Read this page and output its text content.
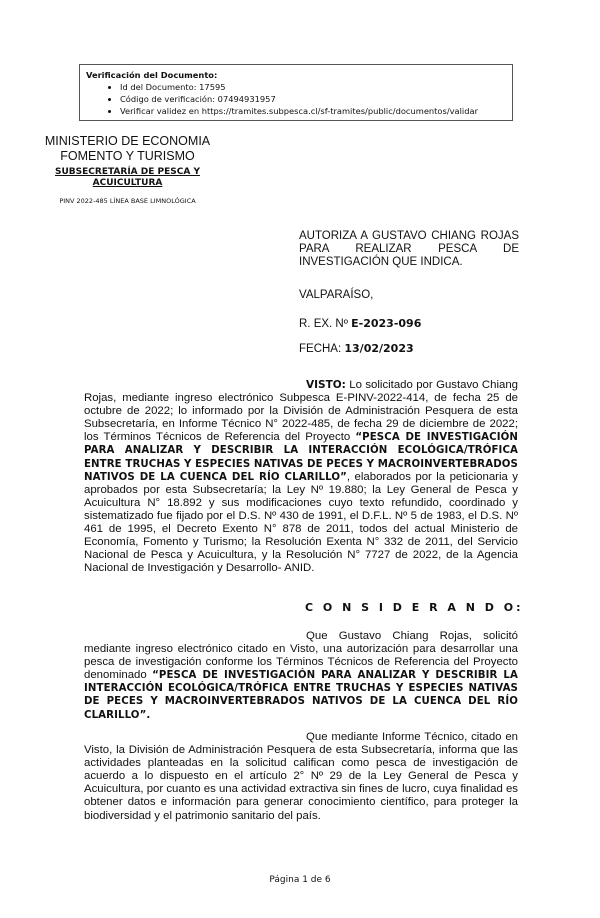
Verificación del Documento:
• Id del Documento: 17595
• Código de verificación: 07494931957
• Verificar validez en https://tramites.subpesca.cl/sf-tramites/public/documentos/validar
MINISTERIO DE ECONOMIA
FOMENTO Y TURISMO
SUBSECRETARÍA DE PESCA Y
ACUICULTURA
PINV 2022-485 LÍNEA BASE LIMNOLÓGICA
AUTORIZA A GUSTAVO CHIANG ROJAS
PARA REALIZAR PESCA DE
INVESTIGACIÓN QUE INDICA.
VALPARAÍSO,
R. EX. Nº E-2023-096
FECHA: 13/02/2023
VISTO: Lo solicitado por Gustavo Chiang Rojas, mediante ingreso electrónico Subpesca E-PINV-2022-414, de fecha 25 de octubre de 2022; lo informado por la División de Administración Pesquera de esta Subsecretaría, en Informe Técnico N° 2022-485, de fecha 29 de diciembre de 2022; los Términos Técnicos de Referencia del Proyecto “PESCA DE INVESTIGACIÓN PARA ANALIZAR Y DESCRIBIR LA INTERACCIÓN ECOLÓGICA/TRÓFICA ENTRE TRUCHAS Y ESPECIES NATIVAS DE PECES Y MACROINVERTEBRADOS NATIVOS DE LA CUENCA DEL RÍO CLARILLO”, elaborados por la peticionaria y aprobados por esta Subsecretaría; la Ley Nº 19.880; la Ley General de Pesca y Acuicultura N° 18.892 y sus modificaciones cuyo texto refundido, coordinado y sistematizado fue fijado por el D.S. Nº 430 de 1991, el D.F.L. Nº 5 de 1983, el D.S. Nº 461 de 1995, el Decreto Exento N° 878 de 2011, todos del actual Ministerio de Economía, Fomento y Turismo; la Resolución Exenta N° 332 de 2011, del Servicio Nacional de Pesca y Acuicultura, y la Resolución N° 7727 de 2022, de la Agencia Nacional de Investigación y Desarrollo- ANID.
C O N S I D E R A N D O:
Que Gustavo Chiang Rojas, solicitó mediante ingreso electrónico citado en Visto, una autorización para desarrollar una pesca de investigación conforme los Términos Técnicos de Referencia del Proyecto denominado “PESCA DE INVESTIGACIÓN PARA ANALIZAR Y DESCRIBIR LA INTERACCIÓN ECOLÓGICA/TRÓFICA ENTRE TRUCHAS Y ESPECIES NATIVAS DE PECES Y MACROINVERTEBRADOS NATIVOS DE LA CUENCA DEL RÍO CLARILLO”.
Que mediante Informe Técnico, citado en Visto, la División de Administración Pesquera de esta Subsecretaría, informa que las actividades planteadas en la solicitud califican como pesca de investigación de acuerdo a lo dispuesto en el artículo 2° Nº 29 de la Ley General de Pesca y Acuicultura, por cuanto es una actividad extractiva sin fines de lucro, cuya finalidad es obtener datos e información para generar conocimiento científico, para proteger la biodiversidad y el patrimonio sanitario del país.
Página 1 de 6
